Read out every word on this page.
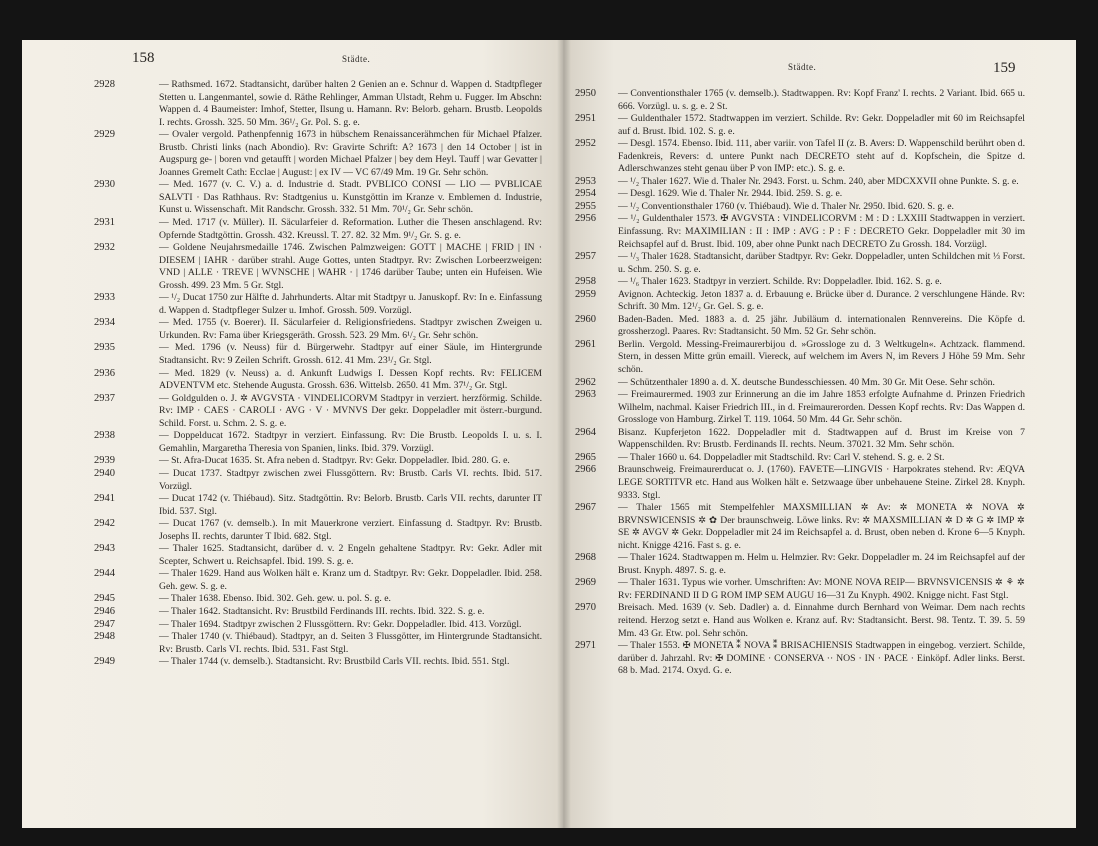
158	Städte.
2928	— Rathsmed. 1672. Stadtansicht, darüber halten 2 Genien an e. Schnur d. Wappen d. Stadtpfleger Stetten u. Langenmantel, sowie d. Räthe Rehlinger, Amman Ulstadt, Rehm u. Fugger. Im Abschn: Wappen d. 4 Baumeister: Imhof, Stetter, Ilsung u. Hamann. Rv: Belorb. geharn. Brustb. Leopolds I. rechts. Grossh. 325. 50 Mm. 36¹/₂ Gr. Pol. S. g. e.
2929	— Ovaler vergold. Pathenpfennig 1673 in hübschem Renaissancerähmchen für Michael Pfalzer. Brustb. Christi links (nach Abondio). Rv: Gravirte Schrift: A? 1673 | den 14 October | ist in Augspurg ge- | boren vnd getaufft | worden Michael Pfalzer | bey dem Heyl. Tauff | war Gevatter | Joannes Gremelt Cath: Ecclae | August: | ex IV — VC 67/49 Mm. 19 Gr. Sehr schön.
2930	— Med. 1677 (v. C. V.) a. d. Industrie d. Stadt. PVBLICO CONSI — LIO — PVBLICAE SALVTI · Das Rathhaus. Rv: Stadtgenius u. Kunstgöttin im Kranze v. Emblemen d. Industrie, Kunst u. Wissenschaft. Mit Randschr. Grossh. 332. 51 Mm. 70¹/₂ Gr. Sehr schön.
2931	— Med. 1717 (v. Müller). II. Säcularfeier d. Reformation. Luther die Thesen anschlagend. Rv: Opfernde Stadtgöttin. Grossh. 432. Kreussl. T. 27. 82. 32 Mm. 9¹/₂ Gr. S. g. e.
2932	— Goldene Neujahrsmedaille 1746. Zwischen Palmzweigen: GOTT | MACHE | FRID | IN · DIESEM | IAHR · darüber strahl. Auge Gottes, unten Stadtpyr. Rv: Zwischen Lorbeerzweigen: VND | ALLE · TREVE | WVNSCHE | WAHR · | 1746 darüber Taube; unten ein Hufeisen. Wie Grossh. 499. 23 Mm. 5 Gr. Stgl.
2933	— ¹/₂ Ducat 1750 zur Hälfte d. Jahrhunderts. Altar mit Stadtpyr u. Januskopf. Rv: In e. Einfassung d. Wappen d. Stadtpfleger Sulzer u. Imhof. Grossh. 509. Vorzügl.
2934	— Med. 1755 (v. Boerer). II. Säcularfeier d. Religionsfriedens. Stadtpyr zwischen Zweigen u. Urkunden. Rv: Fama über Kriegsgeräth. Grossh. 523. 29 Mm. 6¹/₂ Gr. Sehr schön.
2935	— Med. 1796 (v. Neuss) für d. Bürgerwehr. Stadtpyr auf einer Säule, im Hintergrunde Stadtansicht. Rv: 9 Zeilen Schrift. Grossh. 612. 41 Mm. 23¹/₂ Gr. Stgl.
2936	— Med. 1829 (v. Neuss) a. d. Ankunft Ludwigs I. Dessen Kopf rechts. Rv: FELICEM ADVENTVM etc. Stehende Augusta. Grossh. 636. Wittelsb. 2650. 41 Mm. 37¹/₂ Gr. Stgl.
2937	— Goldgulden o. J. ✲ AVGVSTA · VINDELICORVM Stadtpyr in verziert. herzförmig. Schilde. Rv: IMP · CAES · CAROLI · AVG · V · MVNVS Der gekr. Doppeladler mit österr.-burgund. Schild. Forst. u. Schm. 2. S. g. e.
2938	— Doppelducat 1672. Stadtpyr in verziert. Einfassung. Rv: Die Brustb. Leopolds I. u. s. I. Gemahlin, Margaretha Theresia von Spanien, links. Ibid. 379. Vorzügl.
2939	— St. Afra-Ducat 1635. St. Afra neben d. Stadtpyr. Rv: Gekr. Doppeladler. Ibid. 280. G. e.
2940	— Ducat 1737. Stadtpyr zwischen zwei Flussgöttern. Rv: Brustb. Carls VI. rechts. Ibid. 517. Vorzügl.
2941	— Ducat 1742 (v. Thiébaud). Sitz. Stadtgöttin. Rv: Belorb. Brustb. Carls VII. rechts, darunter IT Ibid. 537. Stgl.
2942	— Ducat 1767 (v. demselb.). In mit Mauerkrone verziert. Einfassung d. Stadtpyr. Rv: Brustb. Josephs II. rechts, darunter T Ibid. 682. Stgl.
2943	— Thaler 1625. Stadtansicht, darüber d. v. 2 Engeln gehaltene Stadtpyr. Rv: Gekr. Adler mit Scepter, Schwert u. Reichsapfel. Ibid. 199. S. g. e.
2944	— Thaler 1629. Hand aus Wolken hält e. Kranz um d. Stadtpyr. Rv: Gekr. Doppeladler. Ibid. 258. Geh. gew. S. g. e.
2945	— Thaler 1638. Ebenso. Ibid. 302. Geh. gew. u. pol. S. g. e.
2946	— Thaler 1642. Stadtansicht. Rv: Brustbild Ferdinands III. rechts. Ibid. 322. S. g. e.
2947	— Thaler 1694. Stadtpyr zwischen 2 Flussgöttern. Rv: Gekr. Doppeladler. Ibid. 413. Vorzügl.
2948	— Thaler 1740 (v. Thiébaud). Stadtpyr, an d. Seiten 3 Flussgötter, im Hintergrunde Stadtansicht. Rv: Brustb. Carls VI. rechts. Ibid. 531. Fast Stgl.
2949	— Thaler 1744 (v. demselb.). Stadtansicht. Rv: Brustbild Carls VII. rechts. Ibid. 551. Stgl.
159
Städte.
2950	— Conventionsthaler 1765 (v. demselb.). Stadtwappen. Rv: Kopf Franz' I. rechts. 2 Variant. Ibid. 665 u. 666. Vorzügl. u. s. g. e. 2 St.
2951	— Guldenthaler 1572. Stadtwappen im verziert. Schilde. Rv: Gekr. Doppeladler mit 60 im Reichsapfel auf d. Brust. Ibid. 102. S. g. e.
2952	— Desgl. 1574. Ebenso. Ibid. 111, aber variir. von Tafel II (z. B. Avers: D. Wappenschild berührt oben d. Fadenkreis, Revers: d. untere Punkt nach DECRETO steht auf d. Kopfschein, die Spitze d. Adlerschwanzes steht genau über P von IMP: etc.). S. g. e.
2953	— ¹/₂ Thaler 1627. Wie d. Thaler Nr. 2943. Forst. u. Schm. 240, aber MDCXXVII ohne Punkte. S. g. e.
2954	— Desgl. 1629. Wie d. Thaler Nr. 2944. Ibid. 259. S. g. e.
2955	— ¹/₂ Conventionsthaler 1760 (v. Thiébaud). Wie d. Thaler Nr. 2950. Ibid. 620. S. g. e.
2956	— ¹/₂ Guldenthaler 1573. ✠ AVGVSTA : VINDELICORVM : M : D : LXXIII Stadtwappen in verziert. Einfassung. Rv: MAXIMILIAN : II : IMP : AVG : P : F : DECRETO Gekr. Doppeladler mit 30 im Reichsapfel auf d. Brust. Ibid. 109, aber ohne Punkt nach DECRETO Zu Grossh. 184. Vorzügl.
2957	— ¹/₃ Thaler 1628. Stadtansicht, darüber Stadtpyr. Rv: Gekr. Doppeladler, unten Schildchen mit ⅓ Forst. u. Schm. 250. S. g. e.
2958	— ¹/₆ Thaler 1623. Stadtpyr in verziert. Schilde. Rv: Doppeladler. Ibid. 162. S. g. e.
2959	Avignon. Achteckig. Jeton 1837 a. d. Erbauung e. Brücke über d. Durance. 2 verschlungene Hände. Rv: Schrift. 30 Mm. 12¹/₂ Gr. Gel. S. g. e.
2960	Baden-Baden. Med. 1883 a. d. 25 jähr. Jubiläum d. internationalen Rennvereins. Die Köpfe d. grossherzogl. Paares. Rv: Stadtansicht. 50 Mm. 52 Gr. Sehr schön.
2961	Berlin. Vergold. Messing-Freimaurerbijou d. »Grossloge zu d. 3 Weltkugeln«. Achtzack. flammend. Stern, in dessen Mitte grün emaill. Viereck, auf welchem im Avers N, im Revers J Höhe 59 Mm. Sehr schön.
2962	— Schützenthaler 1890 a. d. X. deutsche Bundesschiessen. 40 Mm. 30 Gr. Mit Oese. Sehr schön.
2963	— Freimaurermed. 1903 zur Erinnerung an die im Jahre 1853 erfolgte Aufnahme d. Prinzen Friedrich Wilhelm, nachmal. Kaiser Friedrich III., in d. Freimaurerorden. Dessen Kopf rechts. Rv: Das Wappen d. Grossloge von Hamburg. Zirkel T. 119. 1064. 50 Mm. 44 Gr. Sehr schön.
2964	Bisanz. Kupferjeton 1622. Doppeladler mit d. Stadtwappen auf d. Brust im Kreise von 7 Wappenschilden. Rv: Brustb. Ferdinands II. rechts. Neum. 37021. 32 Mm. Sehr schön.
2965	— Thaler 1660 u. 64. Doppeladler mit Stadtschild. Rv: Carl V. stehend. S. g. e. 2 St.
2966	Braunschweig. Freimaurerducat o. J. (1760). FAVETE—LINGVIS · Harpokrates stehend. Rv: ÆQVA LEGE SORTITVR etc. Hand aus Wolken hält e. Setzwaage über unbehauene Steine. Zirkel 28. Knyph. 9333. Stgl.
2967	— Thaler 1565 mit Stempelfehler MAXSMILLIAN ✲ Av: ✲ MONETA ✲ NOVA ✲ BRVNSWICENSIS ✲ ✿ Der braunschweig. Löwe links. Rv: ✲ MAXSMILLIAN ✲ D ✲ G ✲ IMP ✲ SE ✲ AVGV ✲ Gekr. Doppeladler mit 24 im Reichsapfel a. d. Brust, oben neben d. Krone 6—5 Knyph. nicht. Knigge 4216. Fast s. g. e.
2968	— Thaler 1624. Stadtwappen m. Helm u. Helmzier. Rv: Gekr. Doppeladler m. 24 im Reichsapfel auf der Brust. Knyph. 4897. S. g. e.
2969	— Thaler 1631. Typus wie vorher. Umschriften: Av: MONE NOVA REIP— BRVNSVICENSIS ✲ ⚘ ✲ Rv: FERDINAND II D G ROM IMP SEM AUGU 16—31 Zu Knyph. 4902. Knigge nicht. Fast Stgl.
2970	Breisach. Med. 1639 (v. Seb. Dadler) a. d. Einnahme durch Bernhard von Weimar. Dem nach rechts reitend. Herzog setzt e. Hand aus Wolken e. Kranz auf. Rv: Stadtansicht. Berst. 98. Tentz. T. 39. 5. 59 Mm. 43 Gr. Etw. pol. Sehr schön.
2971	— Thaler 1553. ✠ MONETA ⁑ NOVA ⁑ BRISACHIENSIS Stadtwappen in eingebog. verziert. Schilde, darüber d. Jahrzahl. Rv: ✠ DOMINE · CONSERVA ·· NOS · IN · PACE · Einköpf. Adler links. Berst. 68 b. Mad. 2174. Oxyd. G. e.
